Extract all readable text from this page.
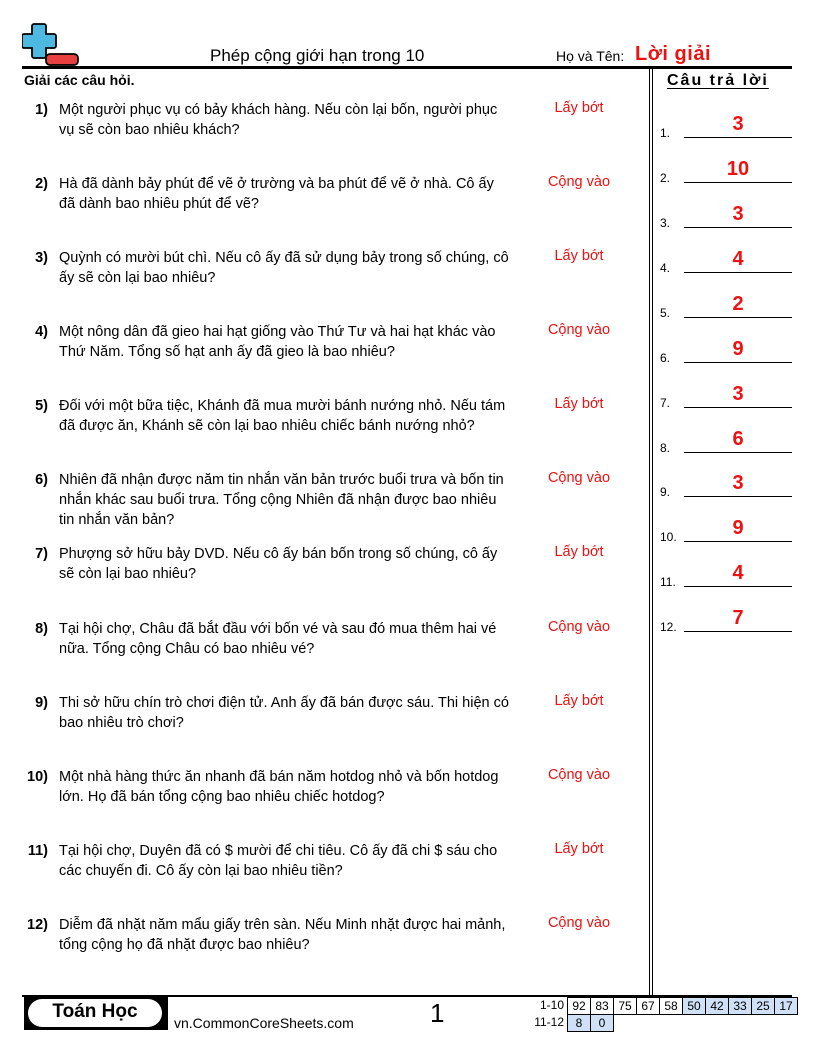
Phép cộng giới hạn trong 10	Họ và Tên: Lời giải
Giải các câu hỏi.	Câu trả lời
1) Một người phục vụ có bảy khách hàng. Nếu còn lại bốn, người phục vụ sẽ còn bao nhiêu khách?
Lấy bớt
2) Hà đã dành bảy phút để vẽ ở trường và ba phút để vẽ ở nhà. Cô ấy đã dành bao nhiêu phút để vẽ?
Cộng vào
3) Quỳnh có mười bút chì. Nếu cô ấy đã sử dụng bảy trong số chúng, cô ấy sẽ còn lại bao nhiêu?
Lấy bớt
4) Một nông dân đã gieo hai hạt giống vào Thứ Tư và hai hạt khác vào Thứ Năm. Tổng số hạt anh ấy đã gieo là bao nhiêu?
Cộng vào
5) Đối với một bữa tiệc, Khánh đã mua mười bánh nướng nhỏ. Nếu tám đã được ăn, Khánh sẽ còn lại bao nhiêu chiếc bánh nướng nhỏ?
Lấy bớt
6) Nhiên đã nhận được năm tin nhắn văn bản trước buổi trưa và bốn tin nhắn khác sau buổi trưa. Tổng cộng Nhiên đã nhận được bao nhiêu tin nhắn văn bản?
Cộng vào
7) Phượng sở hữu bảy DVD. Nếu cô ấy bán bốn trong số chúng, cô ấy sẽ còn lại bao nhiêu?
Lấy bớt
8) Tại hội chợ, Châu đã bắt đầu với bốn vé và sau đó mua thêm hai vé nữa. Tổng cộng Châu có bao nhiêu vé?
Cộng vào
9) Thi sở hữu chín trò chơi điện tử. Anh ấy đã bán được sáu. Thi hiện có bao nhiêu trò chơi?
Lấy bớt
10) Một nhà hàng thức ăn nhanh đã bán năm hotdog nhỏ và bốn hotdog lớn. Họ đã bán tổng cộng bao nhiêu chiếc hotdog?
Cộng vào
11) Tại hội chợ, Duyên đã có $ mười để chi tiêu. Cô ấy đã chi $ sáu cho các chuyến đi. Cô ấy còn lại bao nhiêu tiền?
Lấy bớt
12) Diễm đã nhặt năm mẩu giấy trên sàn. Nếu Minh nhặt được hai mảnh, tổng cộng họ đã nhặt được bao nhiêu?
Cộng vào
1.	3
2.	10
3.	3
4.	4
5.	2
6.	9
7.	3
8.	6
9.	3
10.	9
11.	4
12.	7
Toán Học
vn.CommonCoreSheets.com	1	1-10 92 83 75 67 58 50 42 33 25 17
11-12 8	0
